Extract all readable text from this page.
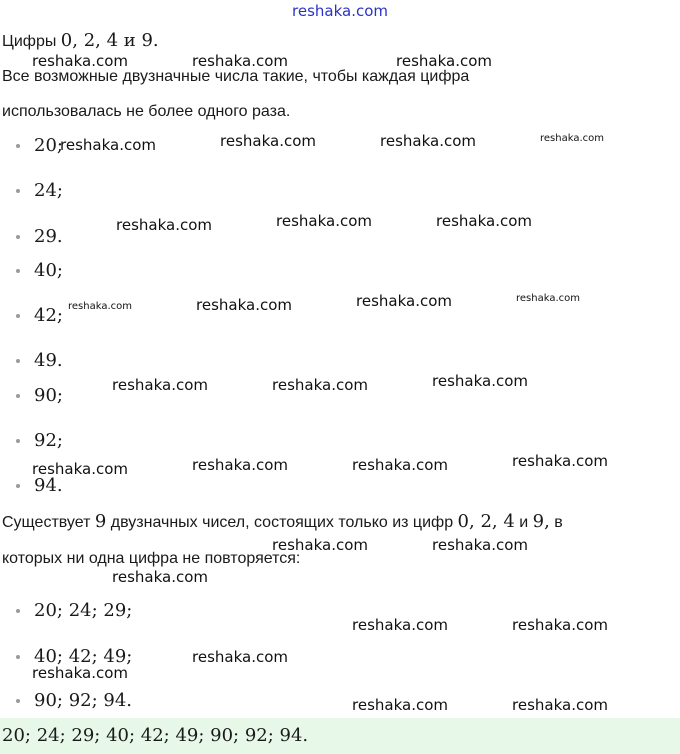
reshaka.com
Цифры 0, 2, 4 и 9.
Все возможные двузначные числа такие, чтобы каждая цифра
использовалась не более одного раза.
20;
24;
29.
40;
42;
49.
90;
92;
94.
Существует 9 двузначных чисел, состоящих только из цифр 0, 2, 4 и 9, в
которых ни одна цифра не повторяется:
20; 24; 29;
40; 42; 49;
90; 92; 94.
20; 24; 29; 40; 42; 49; 90; 92; 94.
reshaka.com	reshaka.com	reshaka.com
reshaka.com	reshaka.com	reshaka.com	reshaka.com
reshaka.com	reshaka.com	reshaka.com
reshaka.com	reshaka.com	reshaka.com	reshaka.com
reshaka.com	reshaka.com	reshaka.com
reshaka.com	reshaka.com	reshaka.com	reshaka.com
reshaka.com	reshaka.com
reshaka.com
reshaka.com	reshaka.com
reshaka.com
reshaka.com
reshaka.com	reshaka.com
